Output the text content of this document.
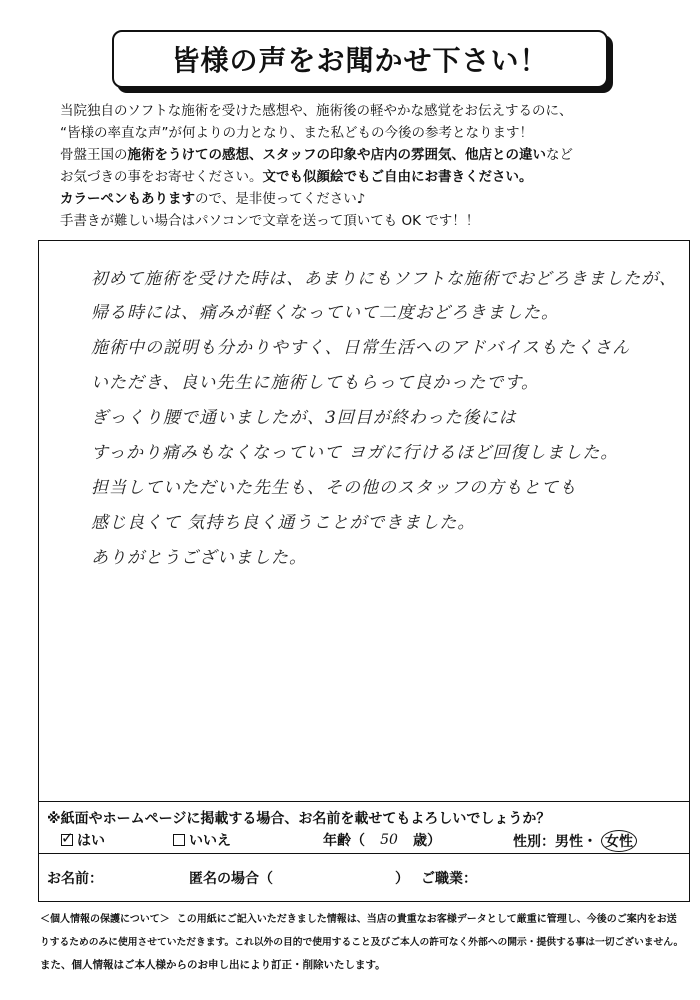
皆様の声をお聞かせ下さい！
当院独自のソフトな施術を受けた感想や、施術後の軽やかな感覚をお伝えするのに、
“皆様の率直な声”が何よりの力となり、また私どもの今後の参考となります！
骨盤王国の施術をうけての感想、スタッフの印象や店内の雰囲気、他店との違いなど
お気づきの事をお寄せください。文でも似顔絵でもご自由にお書きください。
カラーペンもありますので、是非使ってください♪
手書きが難しい場合はパソコンで文章を送って頂いても OK です！！
初めて施術を受けた時は、あまりにもソフトな施術でおどろきましたが、
帰る時には、痛みが軽くなっていて二度おどろきました。
施術中の説明も分かりやすく、日常生活へのアドバイスもたくさん
いただき、良い先生に施術してもらって良かったです。
ぎっくり腰で通いましたが、3回目が終わった後には
すっかり痛みもなくなっていて ヨガに行けるほど回復しました。
担当していただいた先生も、その他のスタッフの方もとても
感じ良くて 気持ち良く通うことができました。
ありがとうございました。
※紙面やホームページに掲載する場合、お名前を載せてもよろしいでしょうか？
✓
はい	いいえ	年齢（	50	歳）	性別：男性・ 女性
お名前：	匿名の場合（	） ご職業：
＜個人情報の保護について＞ この用紙にご記入いただきました情報は、当店の貴重なお客様データとして厳重に管理し、今後のご案内をお送
りするためのみに使用させていただきます。これ以外の目的で使用すること及びご本人の許可なく外部への開示・提供する事は一切ございません。
また、個人情報はご本人様からのお申し出により訂正・削除いたします。
